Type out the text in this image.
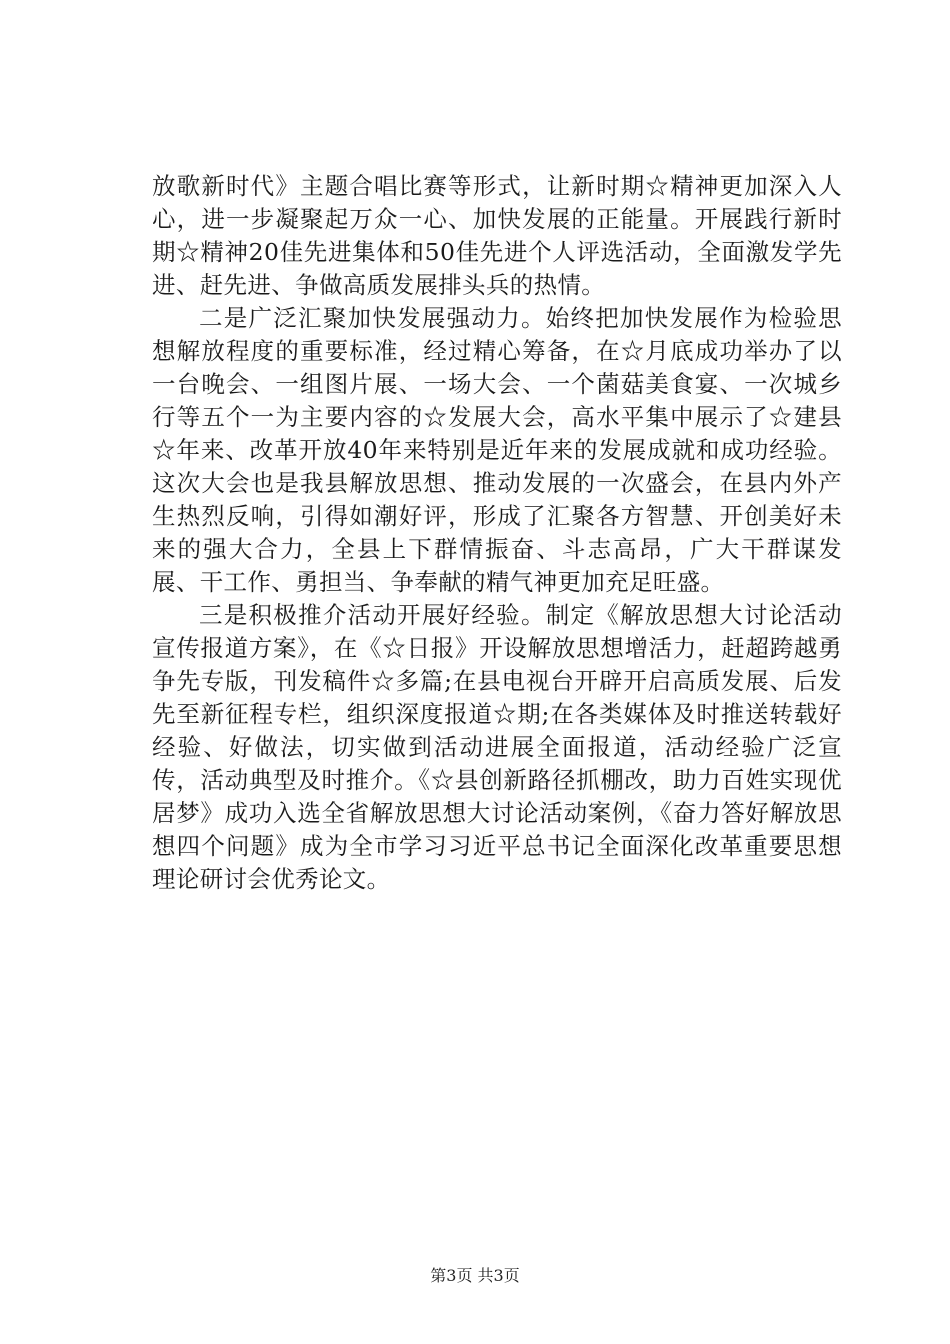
放歌新时代》主题合唱比赛等形式，让新时期☆精神更加深入人心，进一步凝聚起万众一心、加快发展的正能量。开展践行新时期☆精神20佳先进集体和50佳先进个人评选活动，全面激发学先进、赶先进、争做高质发展排头兵的热情。

二是广泛汇聚加快发展强动力。始终把加快发展作为检验思想解放程度的重要标准，经过精心筹备，在☆月底成功举办了以一台晚会、一组图片展、一场大会、一个菌菇美食宴、一次城乡行等五个一为主要内容的☆发展大会，高水平集中展示了☆建县☆年来、改革开放40年来特别是近年来的发展成就和成功经验。这次大会也是我县解放思想、推动发展的一次盛会，在县内外产生热烈反响，引得如潮好评，形成了汇聚各方智慧、开创美好未来的强大合力，全县上下群情振奋、斗志高昂，广大干群谋发展、干工作、勇担当、争奉献的精气神更加充足旺盛。

三是积极推介活动开展好经验。制定《解放思想大讨论活动宣传报道方案》，在《☆日报》开设解放思想增活力，赶超跨越勇争先专版，刊发稿件☆多篇;在县电视台开辟开启高质发展、后发先至新征程专栏，组织深度报道☆期;在各类媒体及时推送转载好经验、好做法，切实做到活动进展全面报道，活动经验广泛宣传，活动典型及时推介。《☆县创新路径抓棚改，助力百姓实现优居梦》成功入选全省解放思想大讨论活动案例，《奋力答好解放思想四个问题》成为全市学习习近平总书记全面深化改革重要思想理论研讨会优秀论文。

第3页 共3页
